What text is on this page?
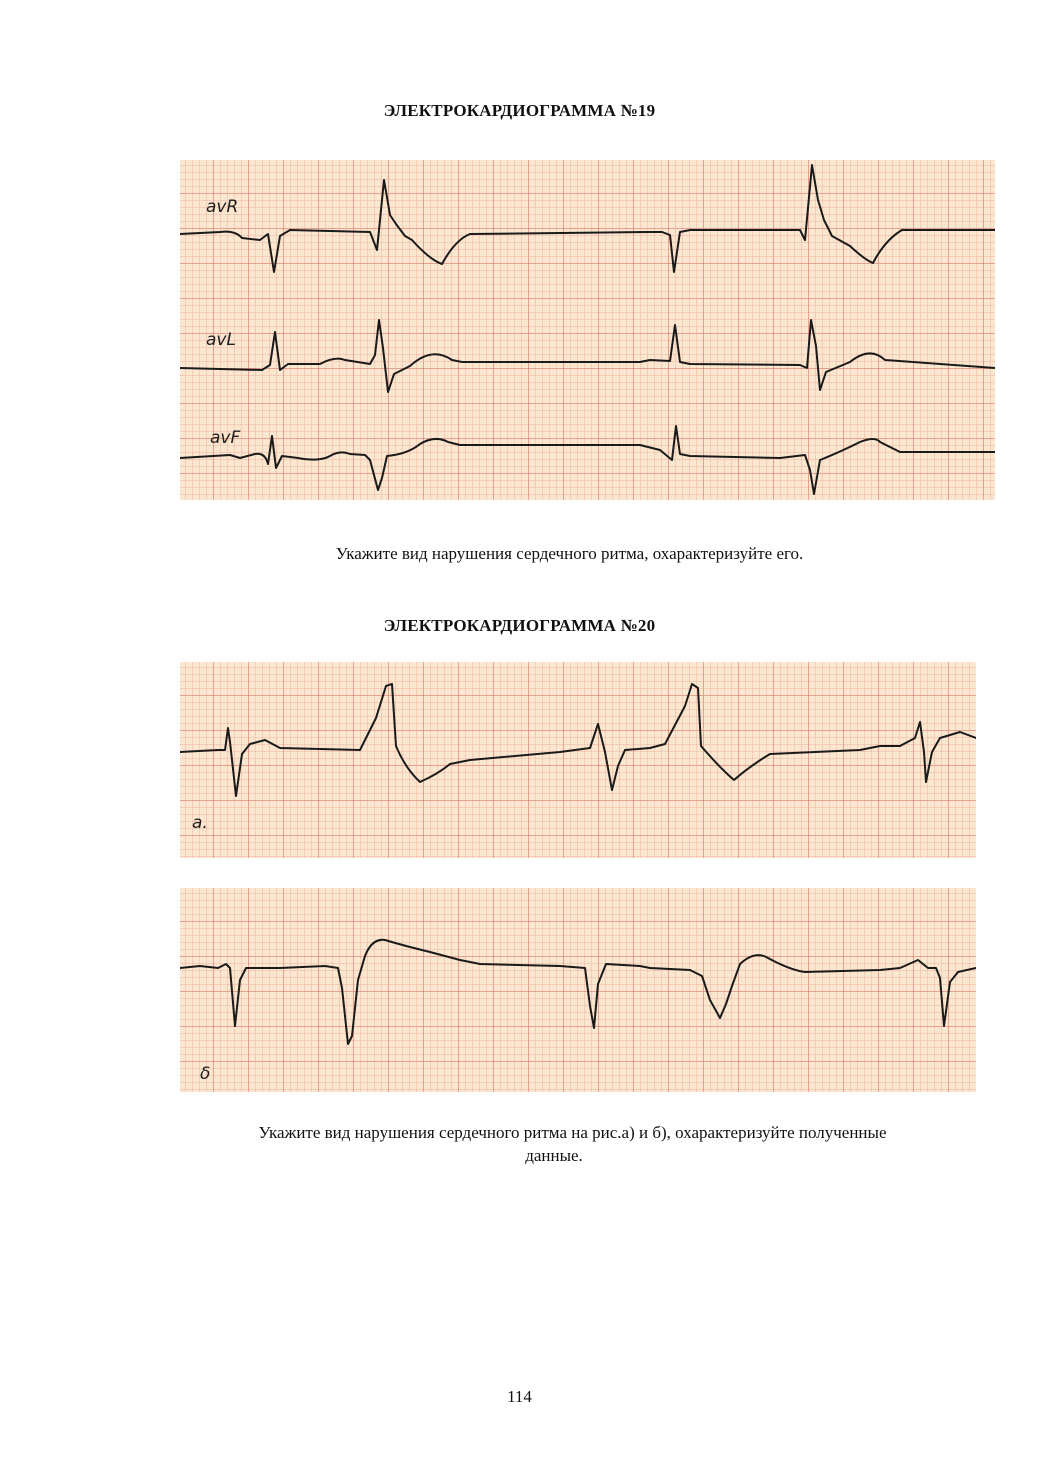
ЭЛЕКТРОКАРДИОГРАММА №19
avR
avL
avF
Укажите вид нарушения сердечного ритма, охарактеризуйте его.
ЭЛЕКТРОКАРДИОГРАММА №20
a.
δ
Укажите вид нарушения сердечного ритма на рис.а) и б), охарактеризуйте полученные
данные.
114
